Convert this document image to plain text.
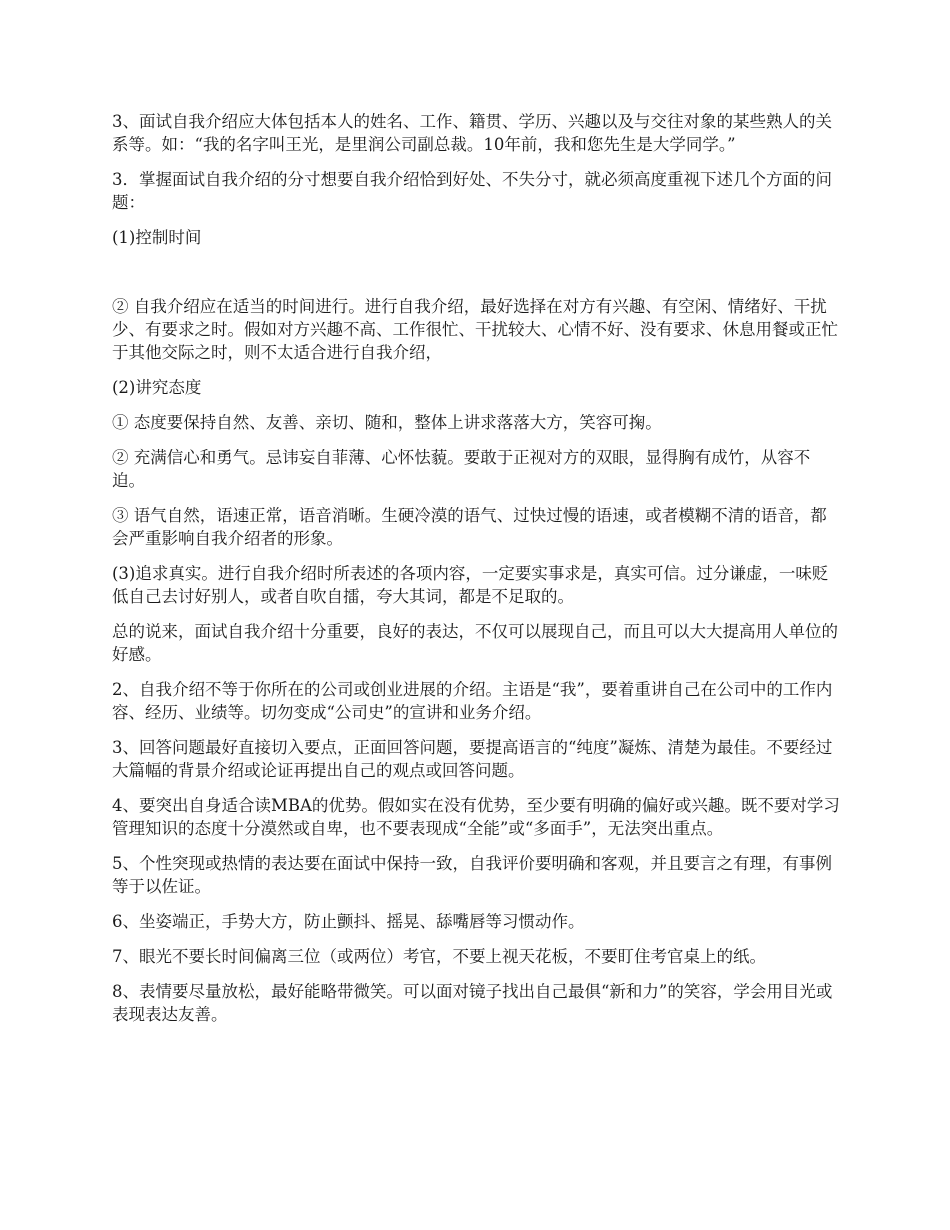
3、面试自我介绍应大体包括本人的姓名、工作、籍贯、学历、兴趣以及与交往对象的某些熟人的关系等。如：“我的名字叫王光，是里润公司副总裁。10年前，我和您先生是大学同学。”

3．掌握面试自我介绍的分寸想要自我介绍恰到好处、不失分寸，就必须高度重视下述几个方面的问题：

(1)控制时间

② 自我介绍应在适当的时间进行。进行自我介绍，最好选择在对方有兴趣、有空闲、情绪好、干扰少、有要求之时。假如对方兴趣不高、工作很忙、干扰较大、心情不好、没有要求、休息用餐或正忙于其他交际之时，则不太适合进行自我介绍，

(2)讲究态度

① 态度要保持自然、友善、亲切、随和，整体上讲求落落大方，笑容可掬。

② 充满信心和勇气。忌讳妄自菲薄、心怀怯藐。要敢于正视对方的双眼，显得胸有成竹，从容不迫。

③ 语气自然，语速正常，语音消晰。生硬冷漠的语气、过快过慢的语速，或者模糊不清的语音，都会严重影响自我介绍者的形象。

(3)追求真实。进行自我介绍时所表述的各项内容，一定要实事求是，真实可信。过分谦虚，一味贬低自己去讨好别人，或者自吹自擂，夸大其词，都是不足取的。

总的说来，面试自我介绍十分重要，良好的表达，不仅可以展现自己，而且可以大大提高用人单位的好感。

2、自我介绍不等于你所在的公司或创业进展的介绍。主语是“我”，要着重讲自己在公司中的工作内容、经历、业绩等。切勿变成“公司史”的宣讲和业务介绍。

3、回答问题最好直接切入要点，正面回答问题，要提高语言的“纯度”凝炼、清楚为最佳。不要经过大篇幅的背景介绍或论证再提出自己的观点或回答问题。

4、要突出自身适合读MBA的优势。假如实在没有优势，至少要有明确的偏好或兴趣。既不要对学习管理知识的态度十分漠然或自卑，也不要表现成“全能”或“多面手”，无法突出重点。

5、个性突现或热情的表达要在面试中保持一致，自我评价要明确和客观，并且要言之有理，有事例等于以佐证。

6、坐姿端正，手势大方，防止颤抖、摇晃、舔嘴唇等习惯动作。

7、眼光不要长时间偏离三位（或两位）考官，不要上视天花板，不要盯住考官桌上的纸。

8、表情要尽量放松，最好能略带微笑。可以面对镜子找出自己最俱“新和力”的笑容，学会用目光或表现表达友善。
